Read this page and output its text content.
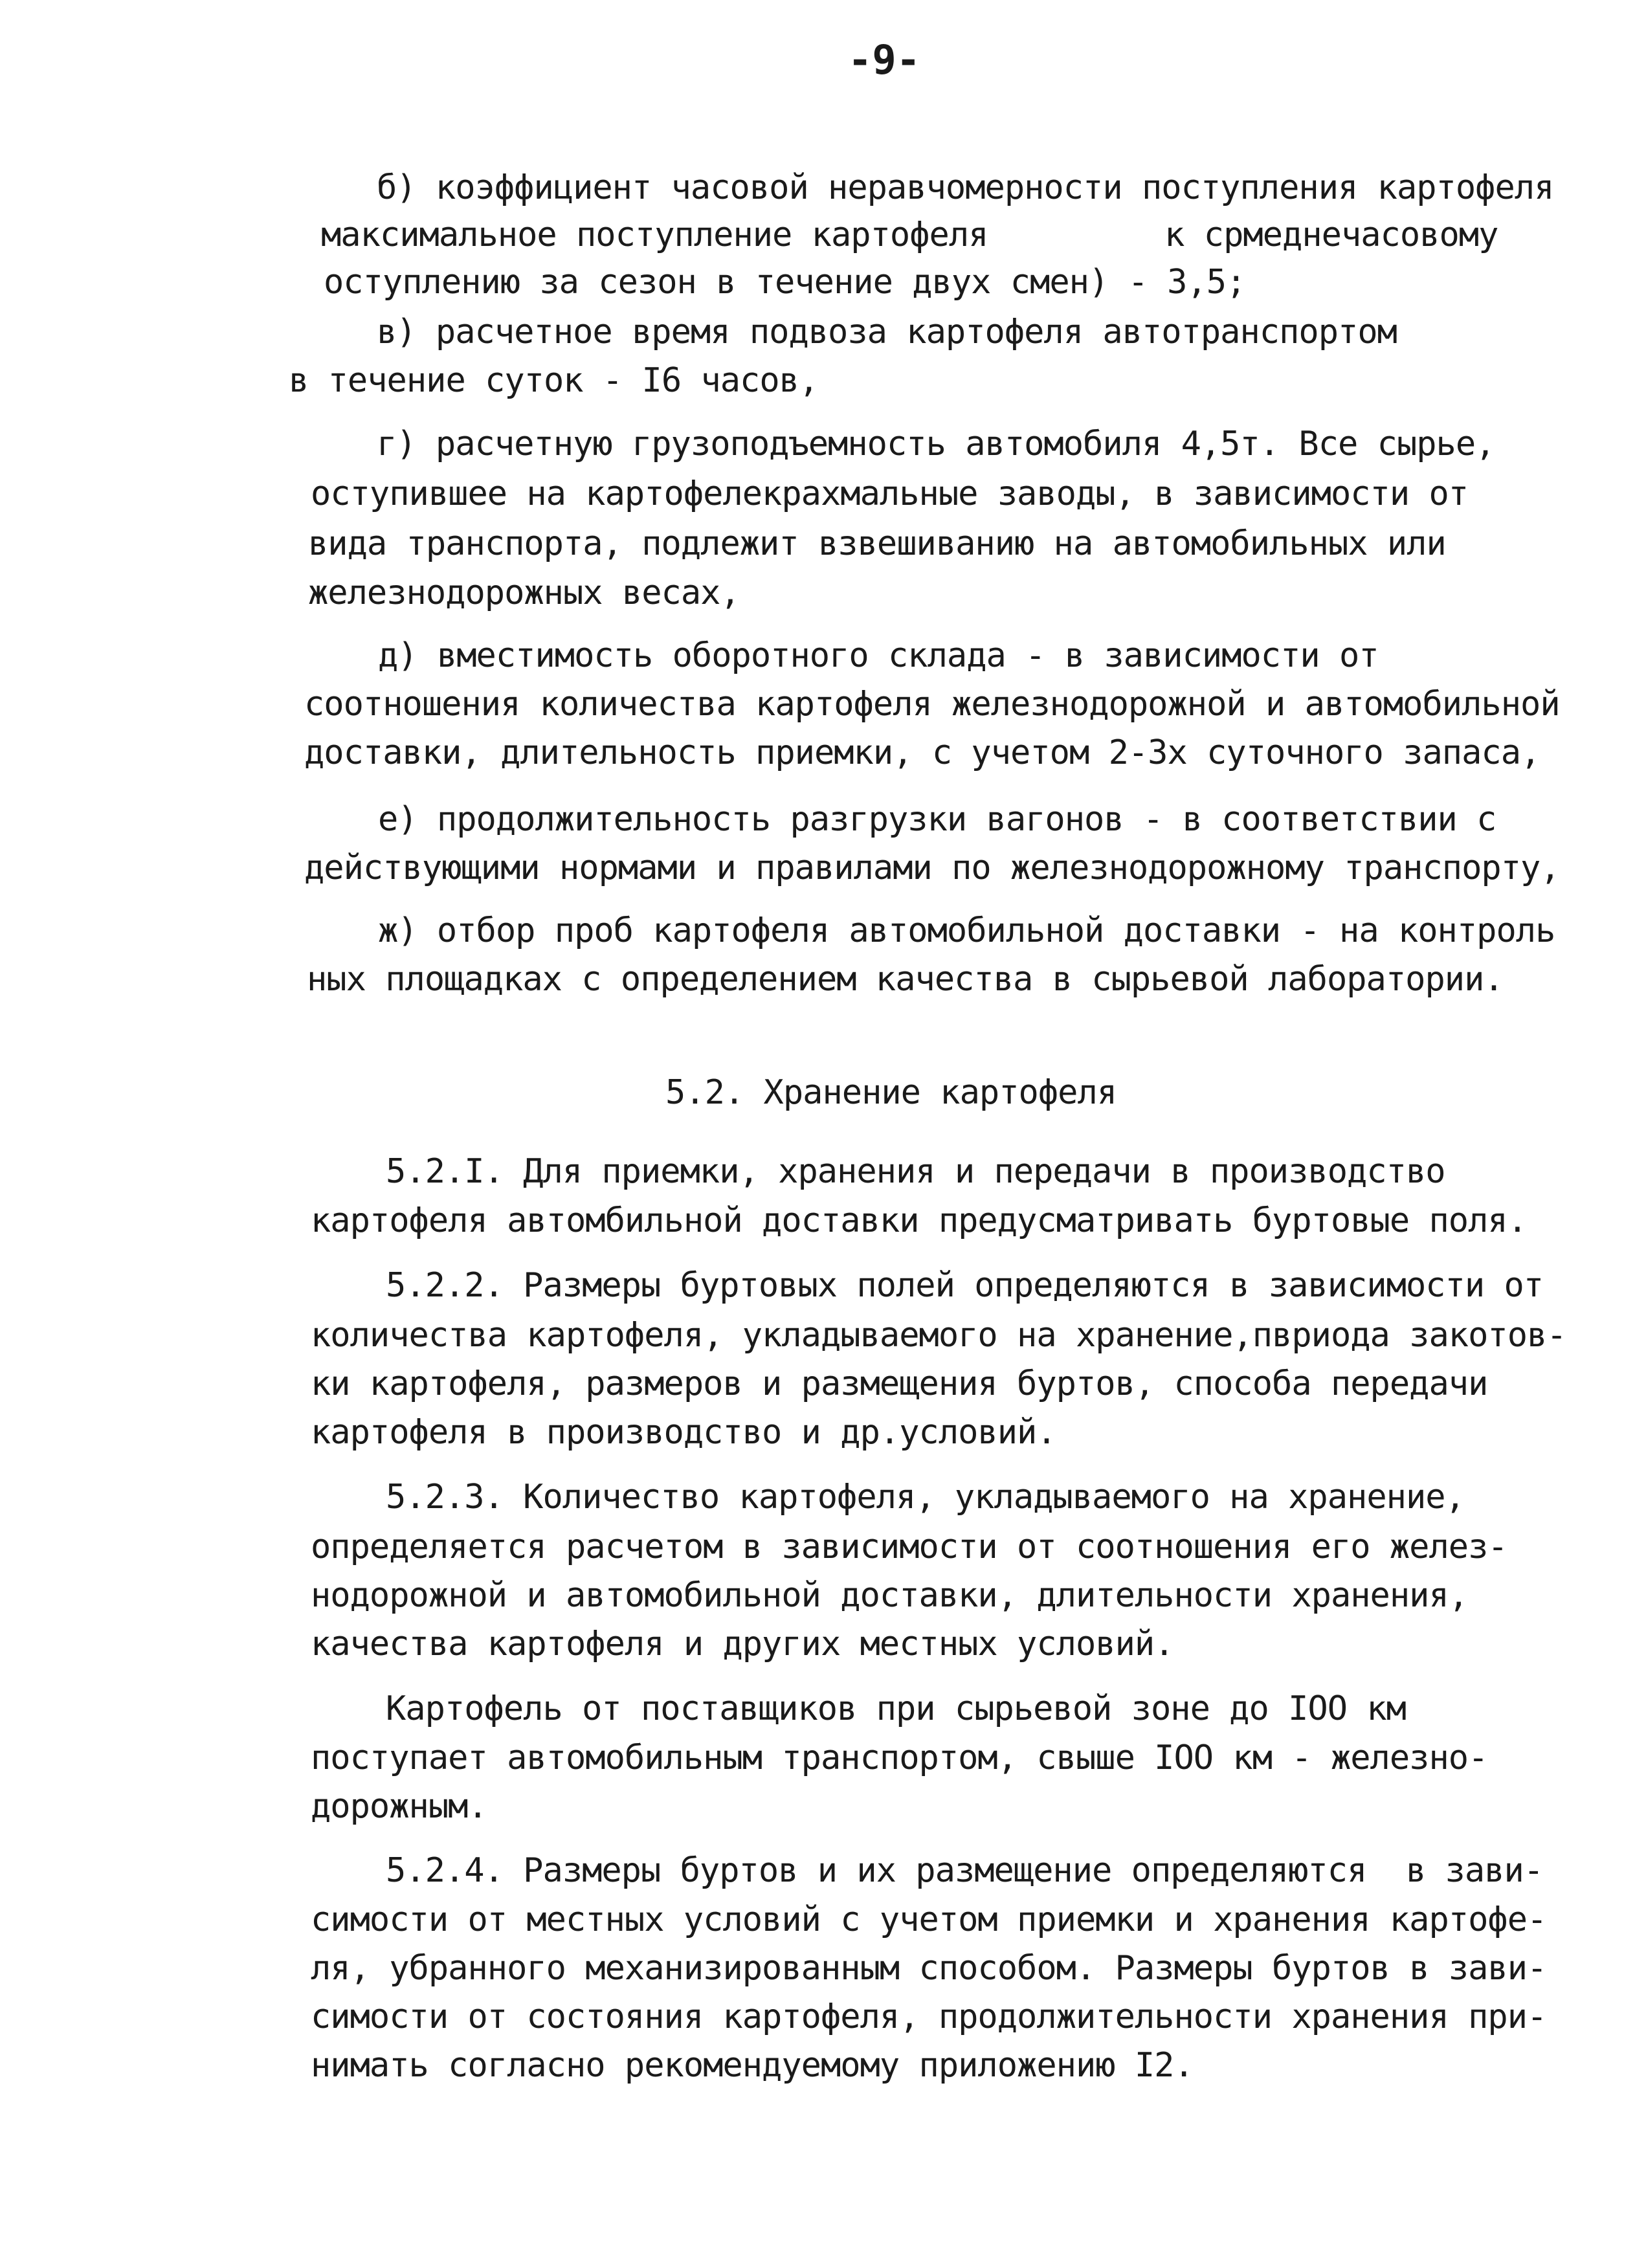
-9-
б) коэффициент часовой неравчомерности поступления картофеля
максимальное поступление картофеля         к срмеднечасовому
оступлению за сезон в течение двух смен) - 3,5;
в) расчетное время подвоза картофеля автотранспортом
в течение суток - I6 часов,
г) расчетную грузоподъемность автомобиля 4,5т. Все сырье,
оступившее на картофелекрахмальные заводы, в зависимости от
вида транспорта, подлежит взвешиванию на автомобильных или
железнодорожных весах,
д) вместимость оборотного склада - в зависимости от
соотношения количества картофеля железнодорожной и автомобильной
доставки, длительность приемки, с учетом 2-3х суточного запаса,
е) продолжительность разгрузки вагонов - в соответствии с
действующими нормами и правилами по железнодорожному транспорту,
ж) отбор проб картофеля автомобильной доставки - на контроль
ных площадках с определением качества в сырьевой лаборатории.
5.2. Хранение картофеля
5.2.I. Для приемки, хранения и передачи в производство
картофеля автомбильной доставки предусматривать буртовые поля.
5.2.2. Размеры буртовых полей определяются в зависимости от
количества картофеля, укладываемого на хранение,пвриода закотов-
ки картофеля, размеров и размещения буртов, способа передачи
картофеля в производство и др.условий.
5.2.3. Количество картофеля, укладываемого на хранение,
определяется расчетом в зависимости от соотношения его желез-
нодорожной и автомобильной доставки, длительности хранения,
качества картофеля и других местных условий.
Картофель от поставщиков при сырьевой зоне до IOO км
поступает автомобильным транспортом, свыше IOO км - железно-
дорожным.
5.2.4. Размеры буртов и их размещение определяются  в зави-
симости от местных условий с учетом приемки и хранения картофе-
ля, убранного механизированным способом. Размеры буртов в зави-
симости от состояния картофеля, продолжительности хранения при-
нимать согласно рекомендуемому приложению I2.
